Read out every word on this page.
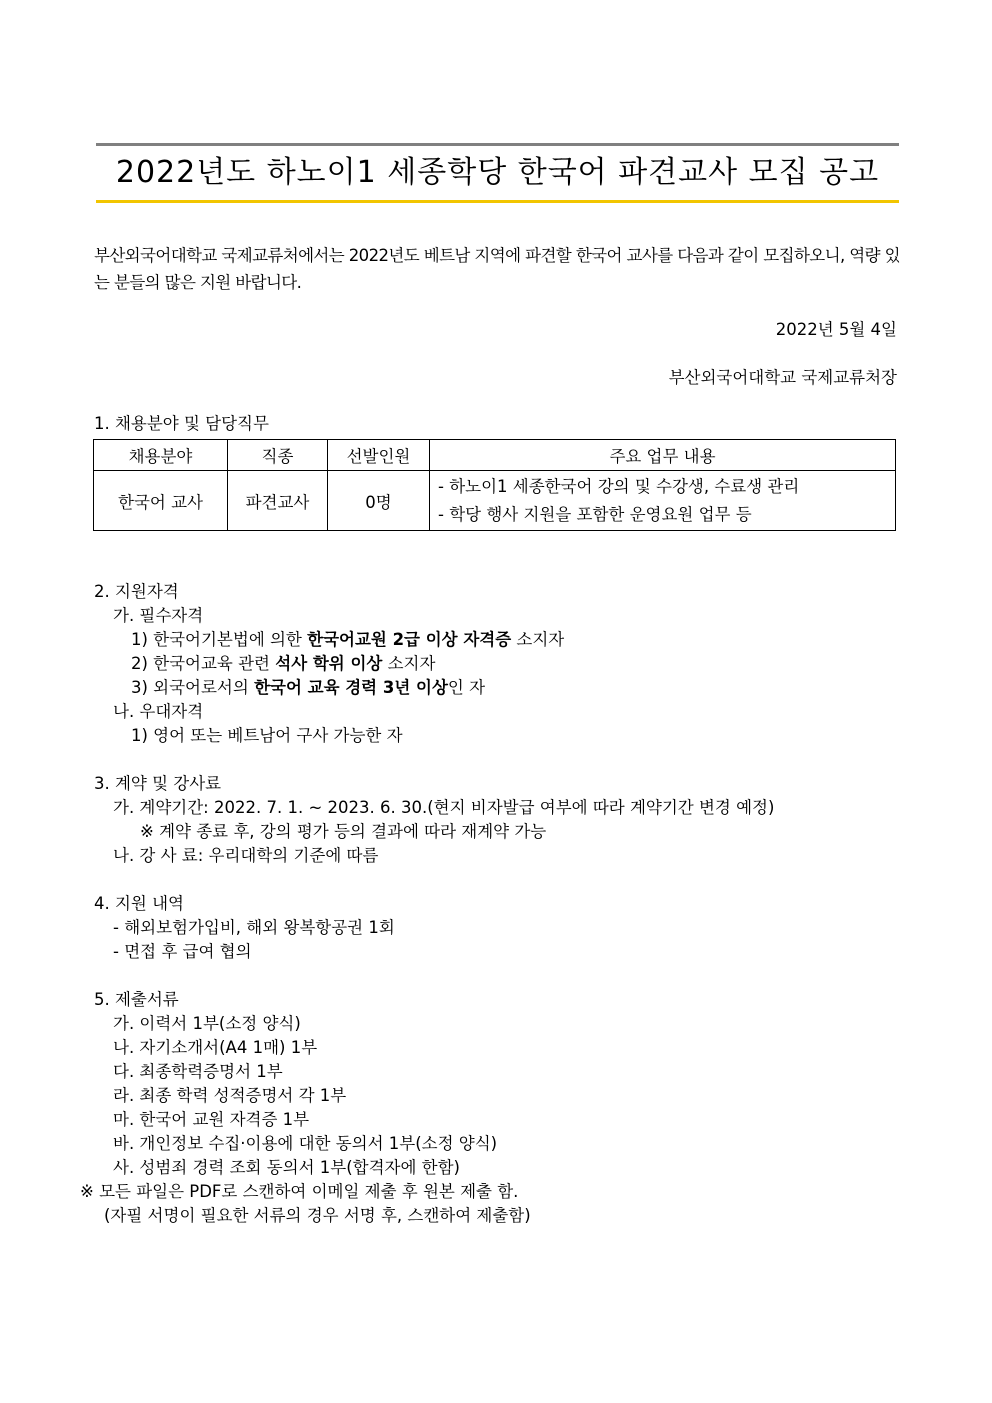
2022년도 하노이1 세종학당 한국어 파견교사 모집 공고
부산외국어대학교 국제교류처에서는 2022년도 베트남 지역에 파견할 한국어 교사를 다음과 같이 모집하오니, 역량 있는 분들의 많은 지원 바랍니다.
2022년 5월 4일
부산외국어대학교 국제교류처장
1. 채용분야 및 담당직무
채용분야	직종	선발인원	주요 업무 내용
한국어 교사	파견교사	0명	- 하노이1 세종한국어 강의 및 수강생, 수료생 관리
- 학당 행사 지원을 포함한 운영요원 업무 등
2. 지원자격
가. 필수자격
1) 한국어기본법에 의한 한국어교원 2급 이상 자격증 소지자
2) 한국어교육 관련 석사 학위 이상 소지자
3) 외국어로서의 한국어 교육 경력 3년 이상인 자
나. 우대자격
1) 영어 또는 베트남어 구사 가능한 자
3. 계약 및 강사료
가. 계약기간: 2022. 7. 1. ~ 2023. 6. 30.(현지 비자발급 여부에 따라 계약기간 변경 예정)
※ 계약 종료 후, 강의 평가 등의 결과에 따라 재계약 가능
나. 강 사 료: 우리대학의 기준에 따름
4. 지원 내역
- 해외보험가입비, 해외 왕복항공권 1회
- 면접 후 급여 협의
5. 제출서류
가. 이력서 1부(소정 양식)
나. 자기소개서(A4 1매) 1부
다. 최종학력증명서 1부
라. 최종 학력 성적증명서 각 1부
마. 한국어 교원 자격증 1부
바. 개인정보 수집·이용에 대한 동의서 1부(소정 양식)
사. 성범죄 경력 조회 동의서 1부(합격자에 한함)
※ 모든 파일은 PDF로 스캔하여 이메일 제출 후 원본 제출 함.
(자필 서명이 필요한 서류의 경우 서명 후, 스캔하여 제출함)
